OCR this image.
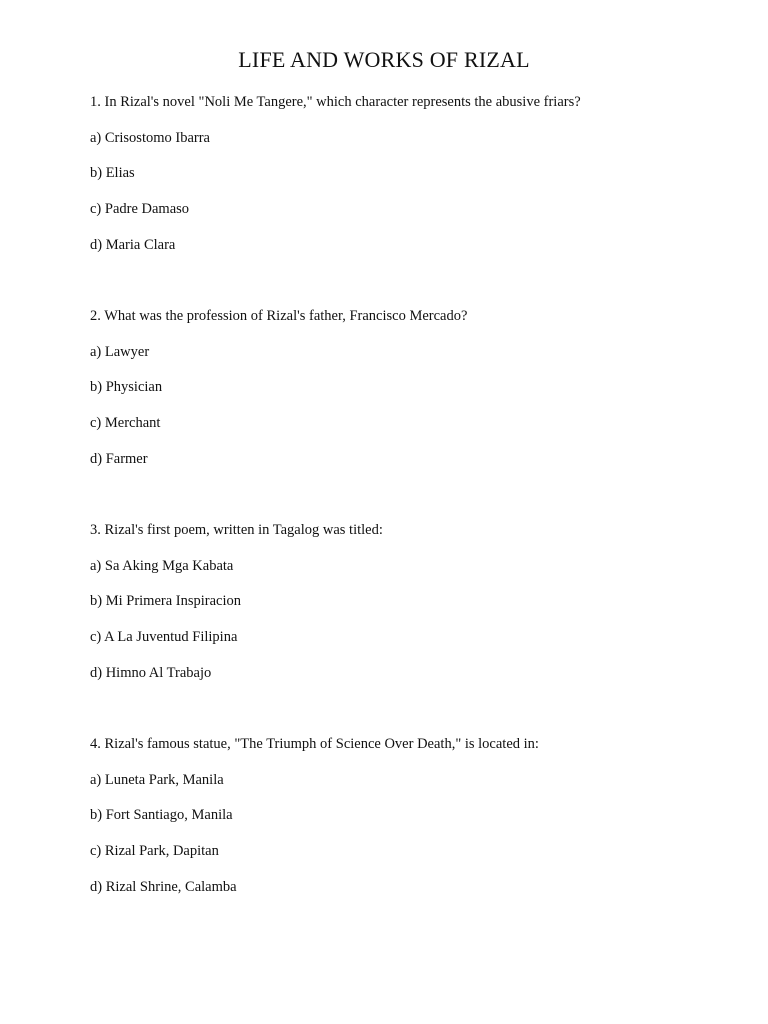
LIFE AND WORKS OF RIZAL

1. In Rizal's novel "Noli Me Tangere," which character represents the abusive friars?

a) Crisostomo Ibarra
b) Elias
c) Padre Damaso
d) Maria Clara

2. What was the profession of Rizal's father, Francisco Mercado?

a) Lawyer
b) Physician
c) Merchant
d) Farmer

3. Rizal's first poem, written in Tagalog was titled:

a) Sa Aking Mga Kabata
b) Mi Primera Inspiracion
c) A La Juventud Filipina
d) Himno Al Trabajo

4. Rizal's famous statue, "The Triumph of Science Over Death," is located in:

a) Luneta Park, Manila
b) Fort Santiago, Manila
c) Rizal Park, Dapitan
d) Rizal Shrine, Calamba
